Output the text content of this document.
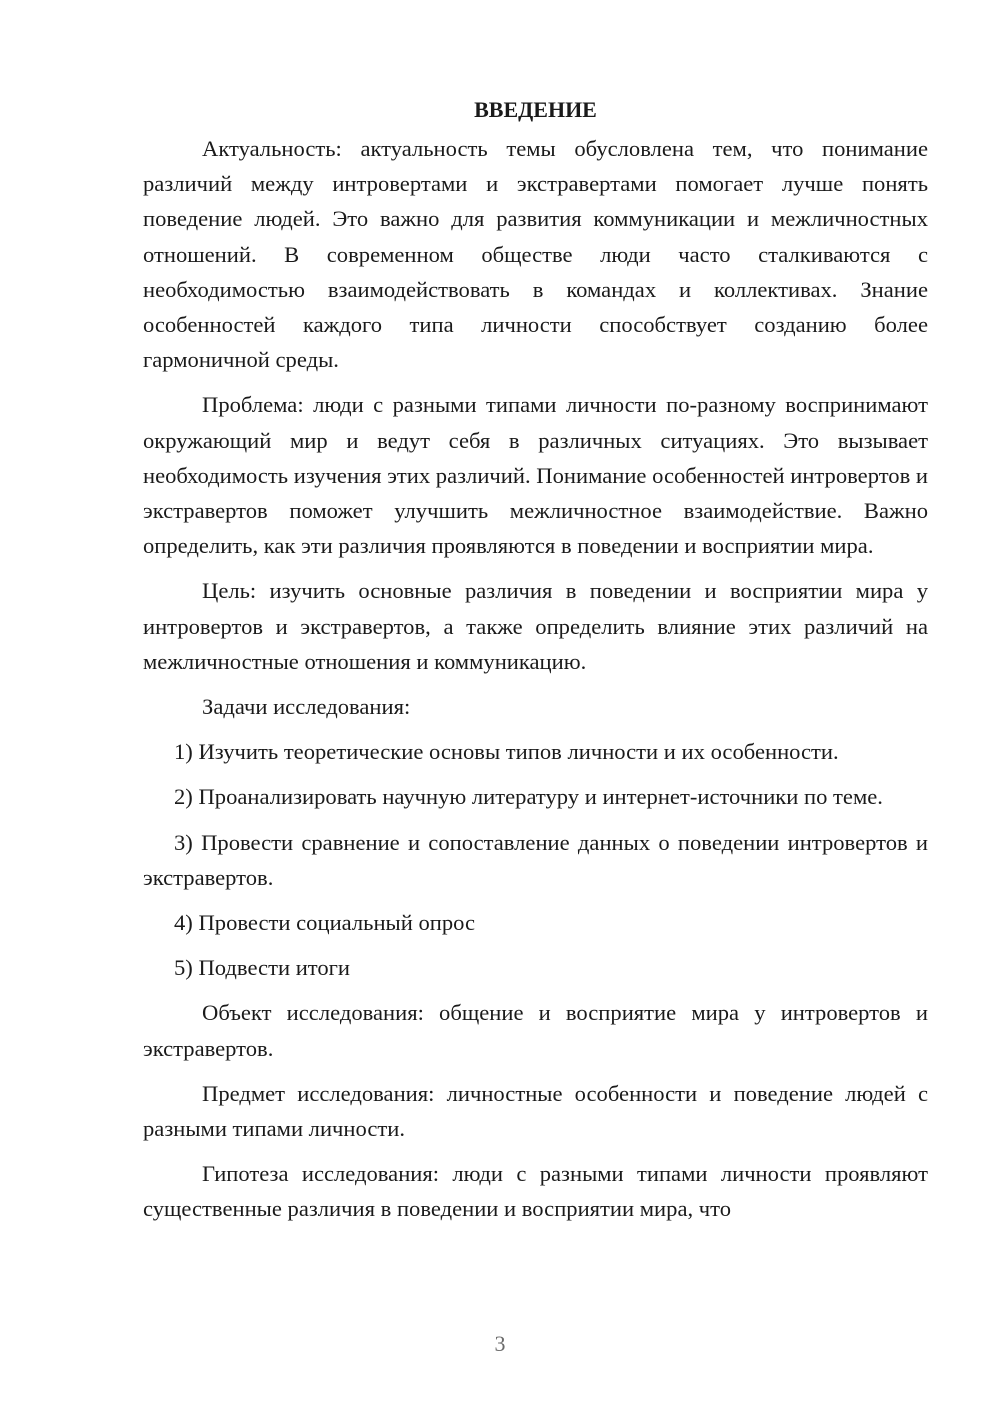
ВВЕДЕНИЕ
Актуальность: актуальность темы обусловлена тем, что понимание различий между интровертами и экстравертами помогает лучше понять поведение людей. Это важно для развития коммуникации и межличностных отношений. В современном обществе люди часто сталкиваются с необходимостью взаимодействовать в командах и коллективах. Знание особенностей каждого типа личности способствует созданию более гармоничной среды.
Проблема: люди с разными типами личности по-разному воспринимают окружающий мир и ведут себя в различных ситуациях. Это вызывает необходимость изучения этих различий. Понимание особенностей интровертов и экстравертов поможет улучшить межличностное взаимодействие. Важно определить, как эти различия проявляются в поведении и восприятии мира.
Цель: изучить основные различия в поведении и восприятии мира у интровертов и экстравертов, а также определить влияние этих различий на межличностные отношения и коммуникацию.
Задачи исследования:
1) Изучить теоретические основы типов личности и их особенности.
2) Проанализировать научную литературу и интернет-источники по теме.
3) Провести сравнение и сопоставление данных о поведении интровертов и экстравертов.
4) Провести социальный опрос
5) Подвести итоги
Объект исследования: общение и восприятие мира у интровертов и экстравертов.
Предмет исследования: личностные особенности и поведение людей с разными типами личности.
Гипотеза исследования: люди с разными типами личности проявляют существенные различия в поведении и восприятии мира, что
3
